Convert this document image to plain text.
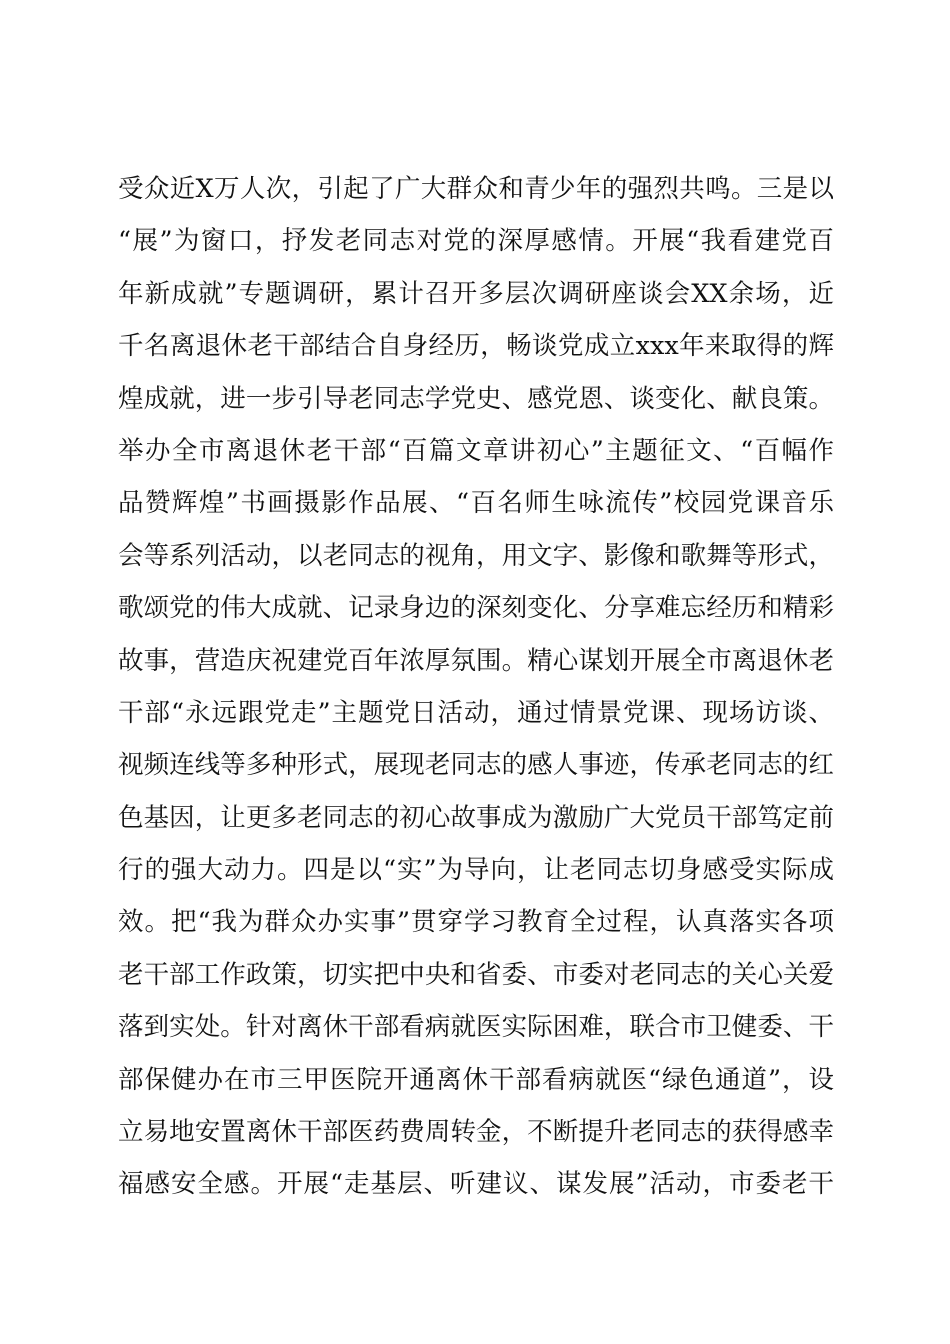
受众近X万人次，引起了广大群众和青少年的强烈共鸣。三是以
“展”为窗口，抒发老同志对党的深厚感情。开展“我看建党百
年新成就”专题调研，累计召开多层次调研座谈会XX余场，近
千名离退休老干部结合自身经历，畅谈党成立xxx年来取得的辉
煌成就，进一步引导老同志学党史、感党恩、谈变化、献良策。
举办全市离退休老干部“百篇文章讲初心”主题征文、“百幅作
品赞辉煌”书画摄影作品展、“百名师生咏流传”校园党课音乐
会等系列活动，以老同志的视角，用文字、影像和歌舞等形式，
歌颂党的伟大成就、记录身边的深刻变化、分享难忘经历和精彩
故事，营造庆祝建党百年浓厚氛围。精心谋划开展全市离退休老
干部“永远跟党走”主题党日活动，通过情景党课、现场访谈、
视频连线等多种形式，展现老同志的感人事迹，传承老同志的红
色基因，让更多老同志的初心故事成为激励广大党员干部笃定前
行的强大动力。四是以“实”为导向，让老同志切身感受实际成
效。把“我为群众办实事”贯穿学习教育全过程，认真落实各项
老干部工作政策，切实把中央和省委、市委对老同志的关心关爱
落到实处。针对离休干部看病就医实际困难，联合市卫健委、干
部保健办在市三甲医院开通离休干部看病就医“绿色通道”，设
立易地安置离休干部医药费周转金，不断提升老同志的获得感幸
福感安全感。开展“走基层、听建议、谋发展”活动，市委老干
